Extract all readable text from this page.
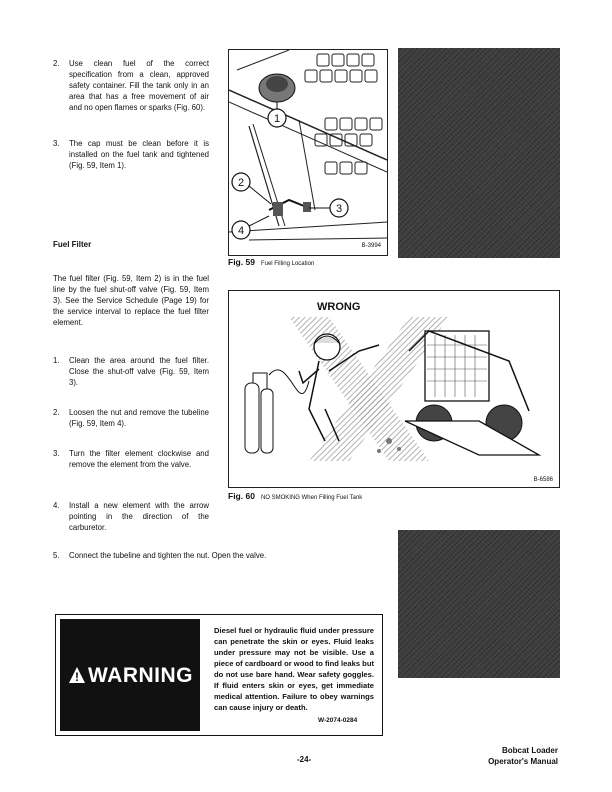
2. Use clean fuel of the correct specification from a clean, approved safety container. Fill the tank only in an area that has a free movement of air and no open flames or sparks (Fig. 60).
3. The cap must be clean before it is installed on the fuel tank and tightened (Fig. 59, Item 1).
Fuel Filter
The fuel filter (Fig. 59, Item 2) is in the fuel line by the fuel shut-off valve (Fig. 59, Item 3). See the Service Schedule (Page 19) for the service interval to replace the fuel filter element.
1. Clean the area around the fuel filter. Close the shut-off valve (Fig. 59, Item 3).
2. Loosen the nut and remove the tubeline (Fig. 59, Item 4).
3. Turn the filter element clockwise and remove the element from the valve.
4. Install a new element with the arrow pointing in the direction of the carburetor.
5. Connect the tubeline and tighten the nut. Open the valve.
1
2
3
4
B-3994
Fig. 59 Fuel Filling Location
WRONG
B-6586
Fig. 60 NO SMOKING When Filling Fuel Tank
! WARNING
Diesel fuel or hydraulic fluid under pressure can penetrate the skin or eyes. Fluid leaks under pressure may not be visible. Use a piece of cardboard or wood to find leaks but do not use bare hand. Wear safety goggles. If fluid enters skin or eyes, get immediate medical attention. Failure to obey warnings can cause injury or death.
W-2074-0284
-24-
Bobcat Loader
Operator's Manual
